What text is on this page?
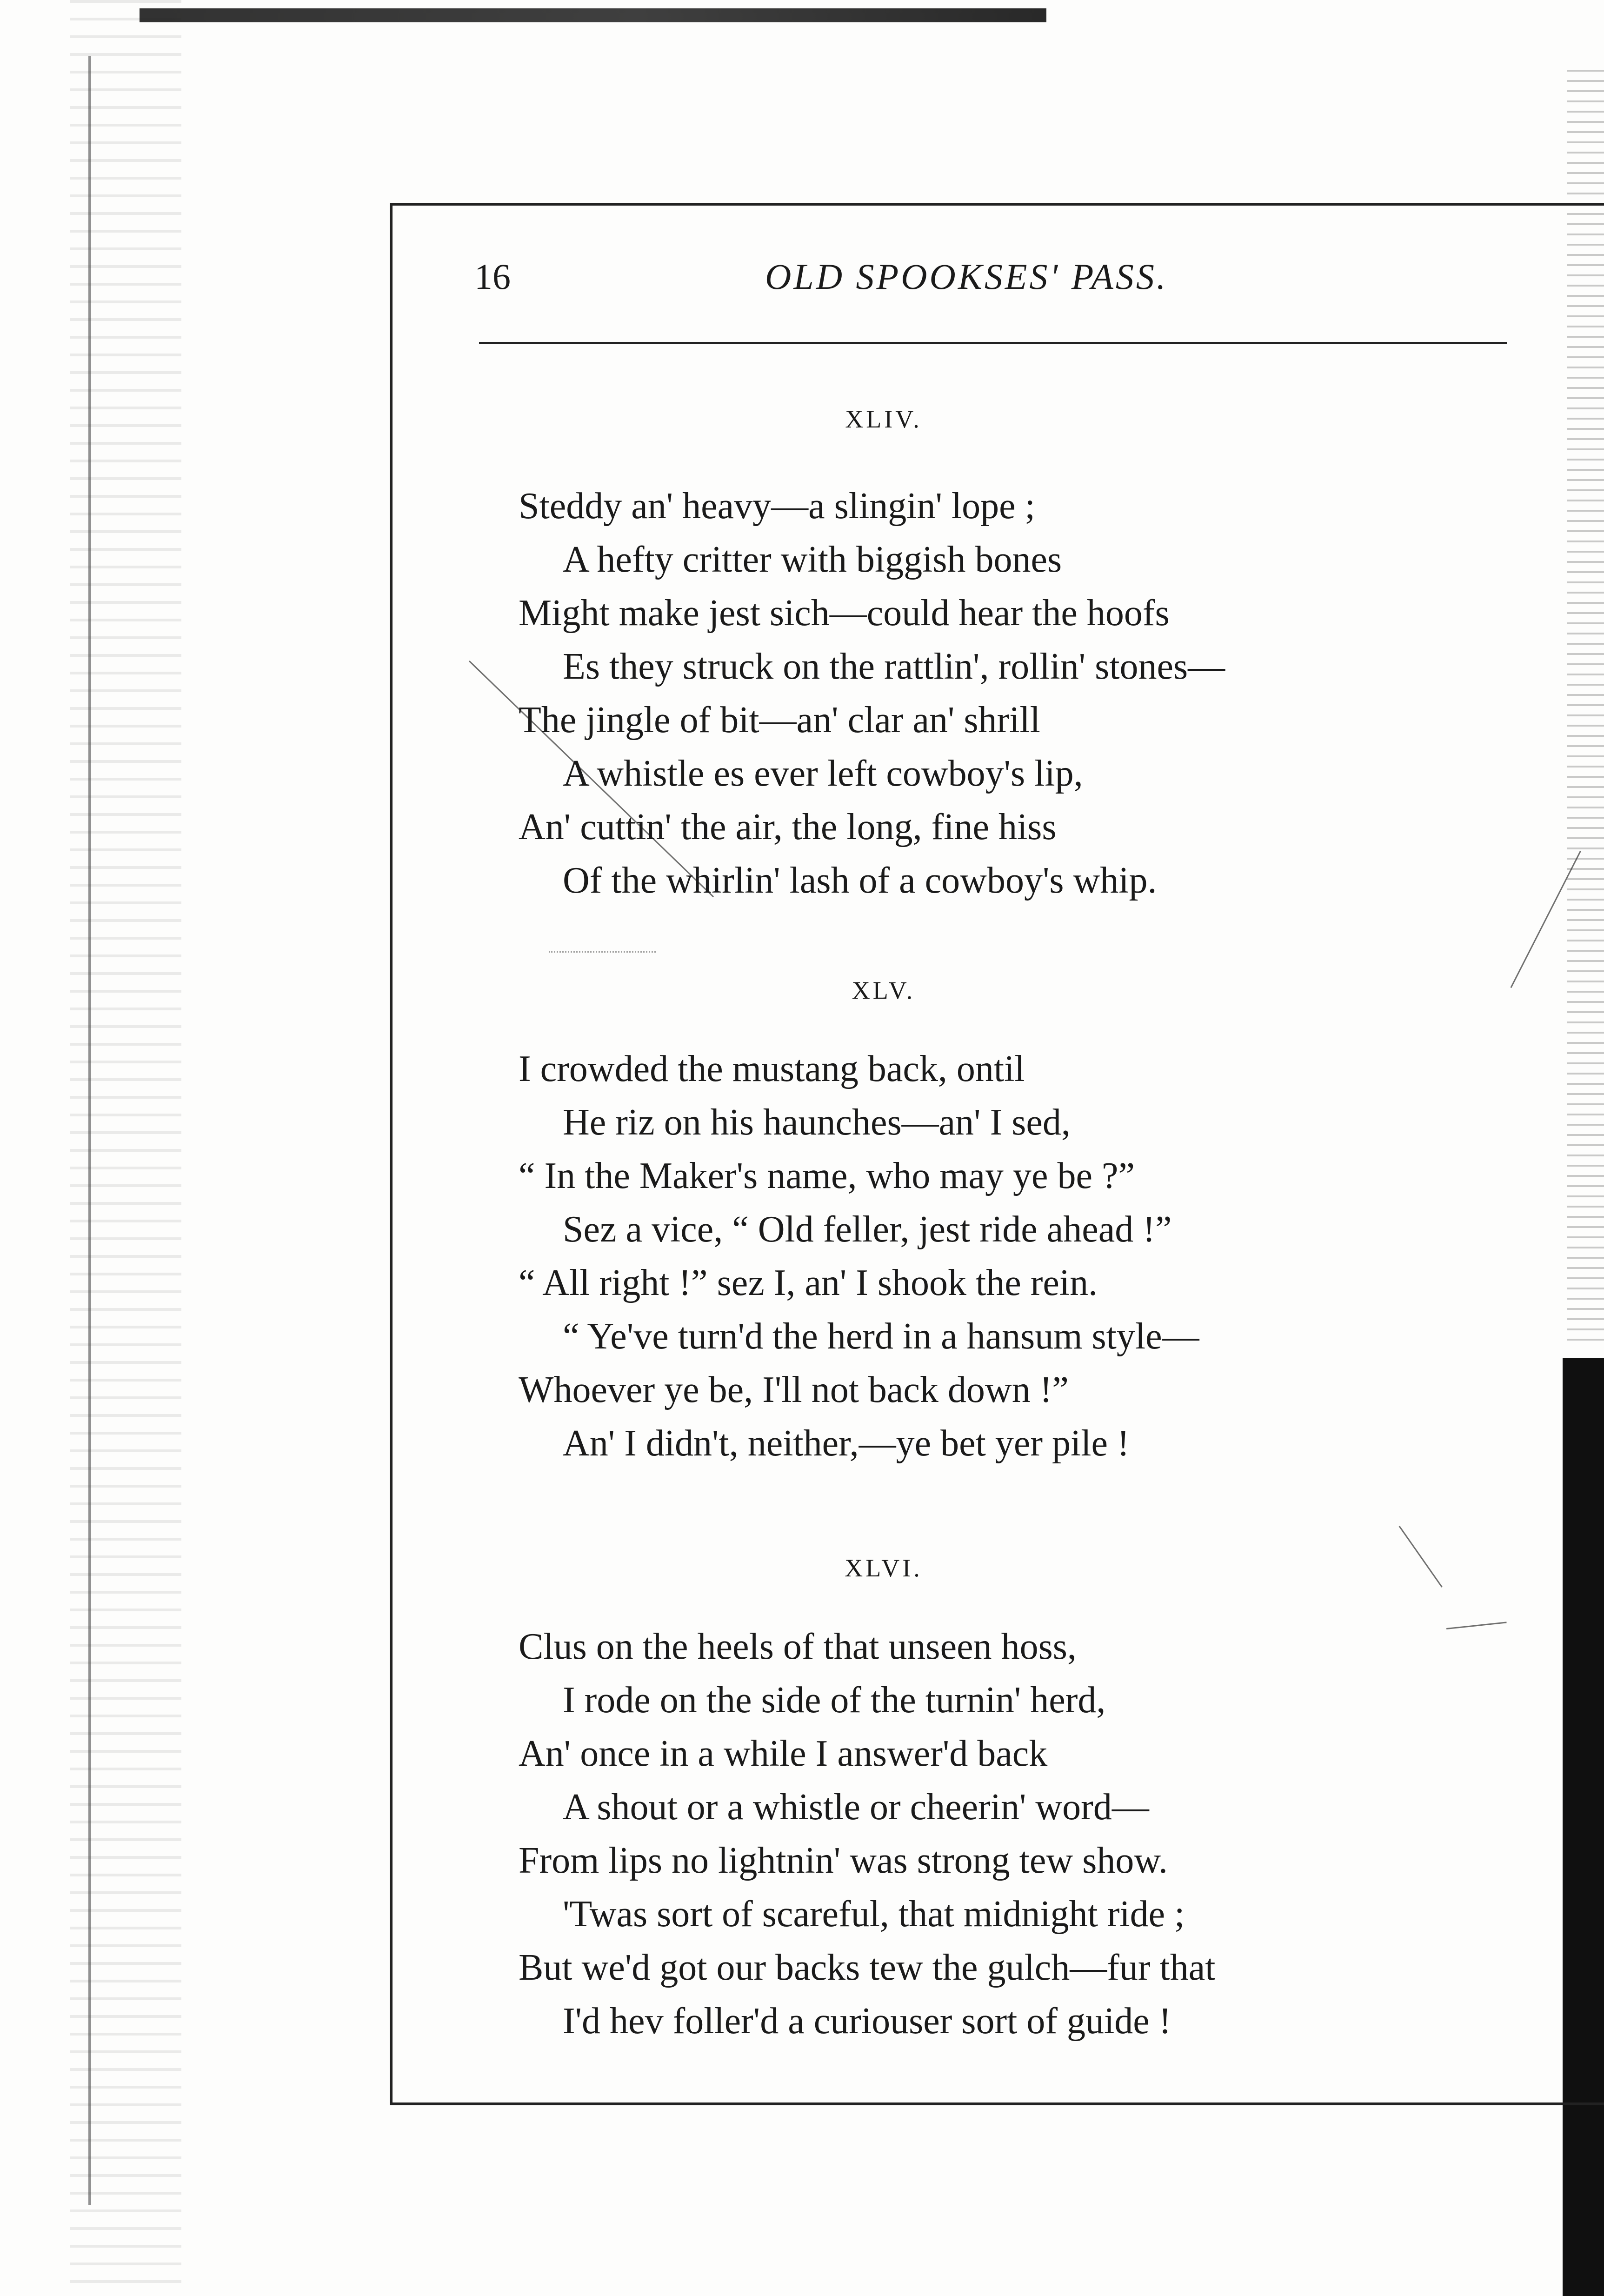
16	OLD SPOOKSES' PASS.
XLIV.
Steddy an' heavy—a slingin' lope ;
A hefty critter with biggish bones
Might make jest sich—could hear the hoofs
Es they struck on the rattlin', rollin' stones—
The jingle of bit—an' clar an' shrill
A whistle es ever left cowboy's lip,
An' cuttin' the air, the long, fine hiss
Of the whirlin' lash of a cowboy's whip.
XLV.
I crowded the mustang back, ontil
He riz on his haunches—an' I sed,
“ In the Maker's name, who may ye be ?”
Sez a vice, “ Old feller, jest ride ahead !”
“ All right !” sez I, an' I shook the rein.
“ Ye've turn'd the herd in a hansum style—
Whoever ye be, I'll not back down !”
An' I didn't, neither,—ye bet yer pile !
XLVI.
Clus on the heels of that unseen hoss,
I rode on the side of the turnin' herd,
An' once in a while I answer'd back
A shout or a whistle or cheerin' word—
From lips no lightnin' was strong tew show.
'Twas sort of scareful, that midnight ride ;
But we'd got our backs tew the gulch—fur that
I'd hev foller'd a curiouser sort of guide !
